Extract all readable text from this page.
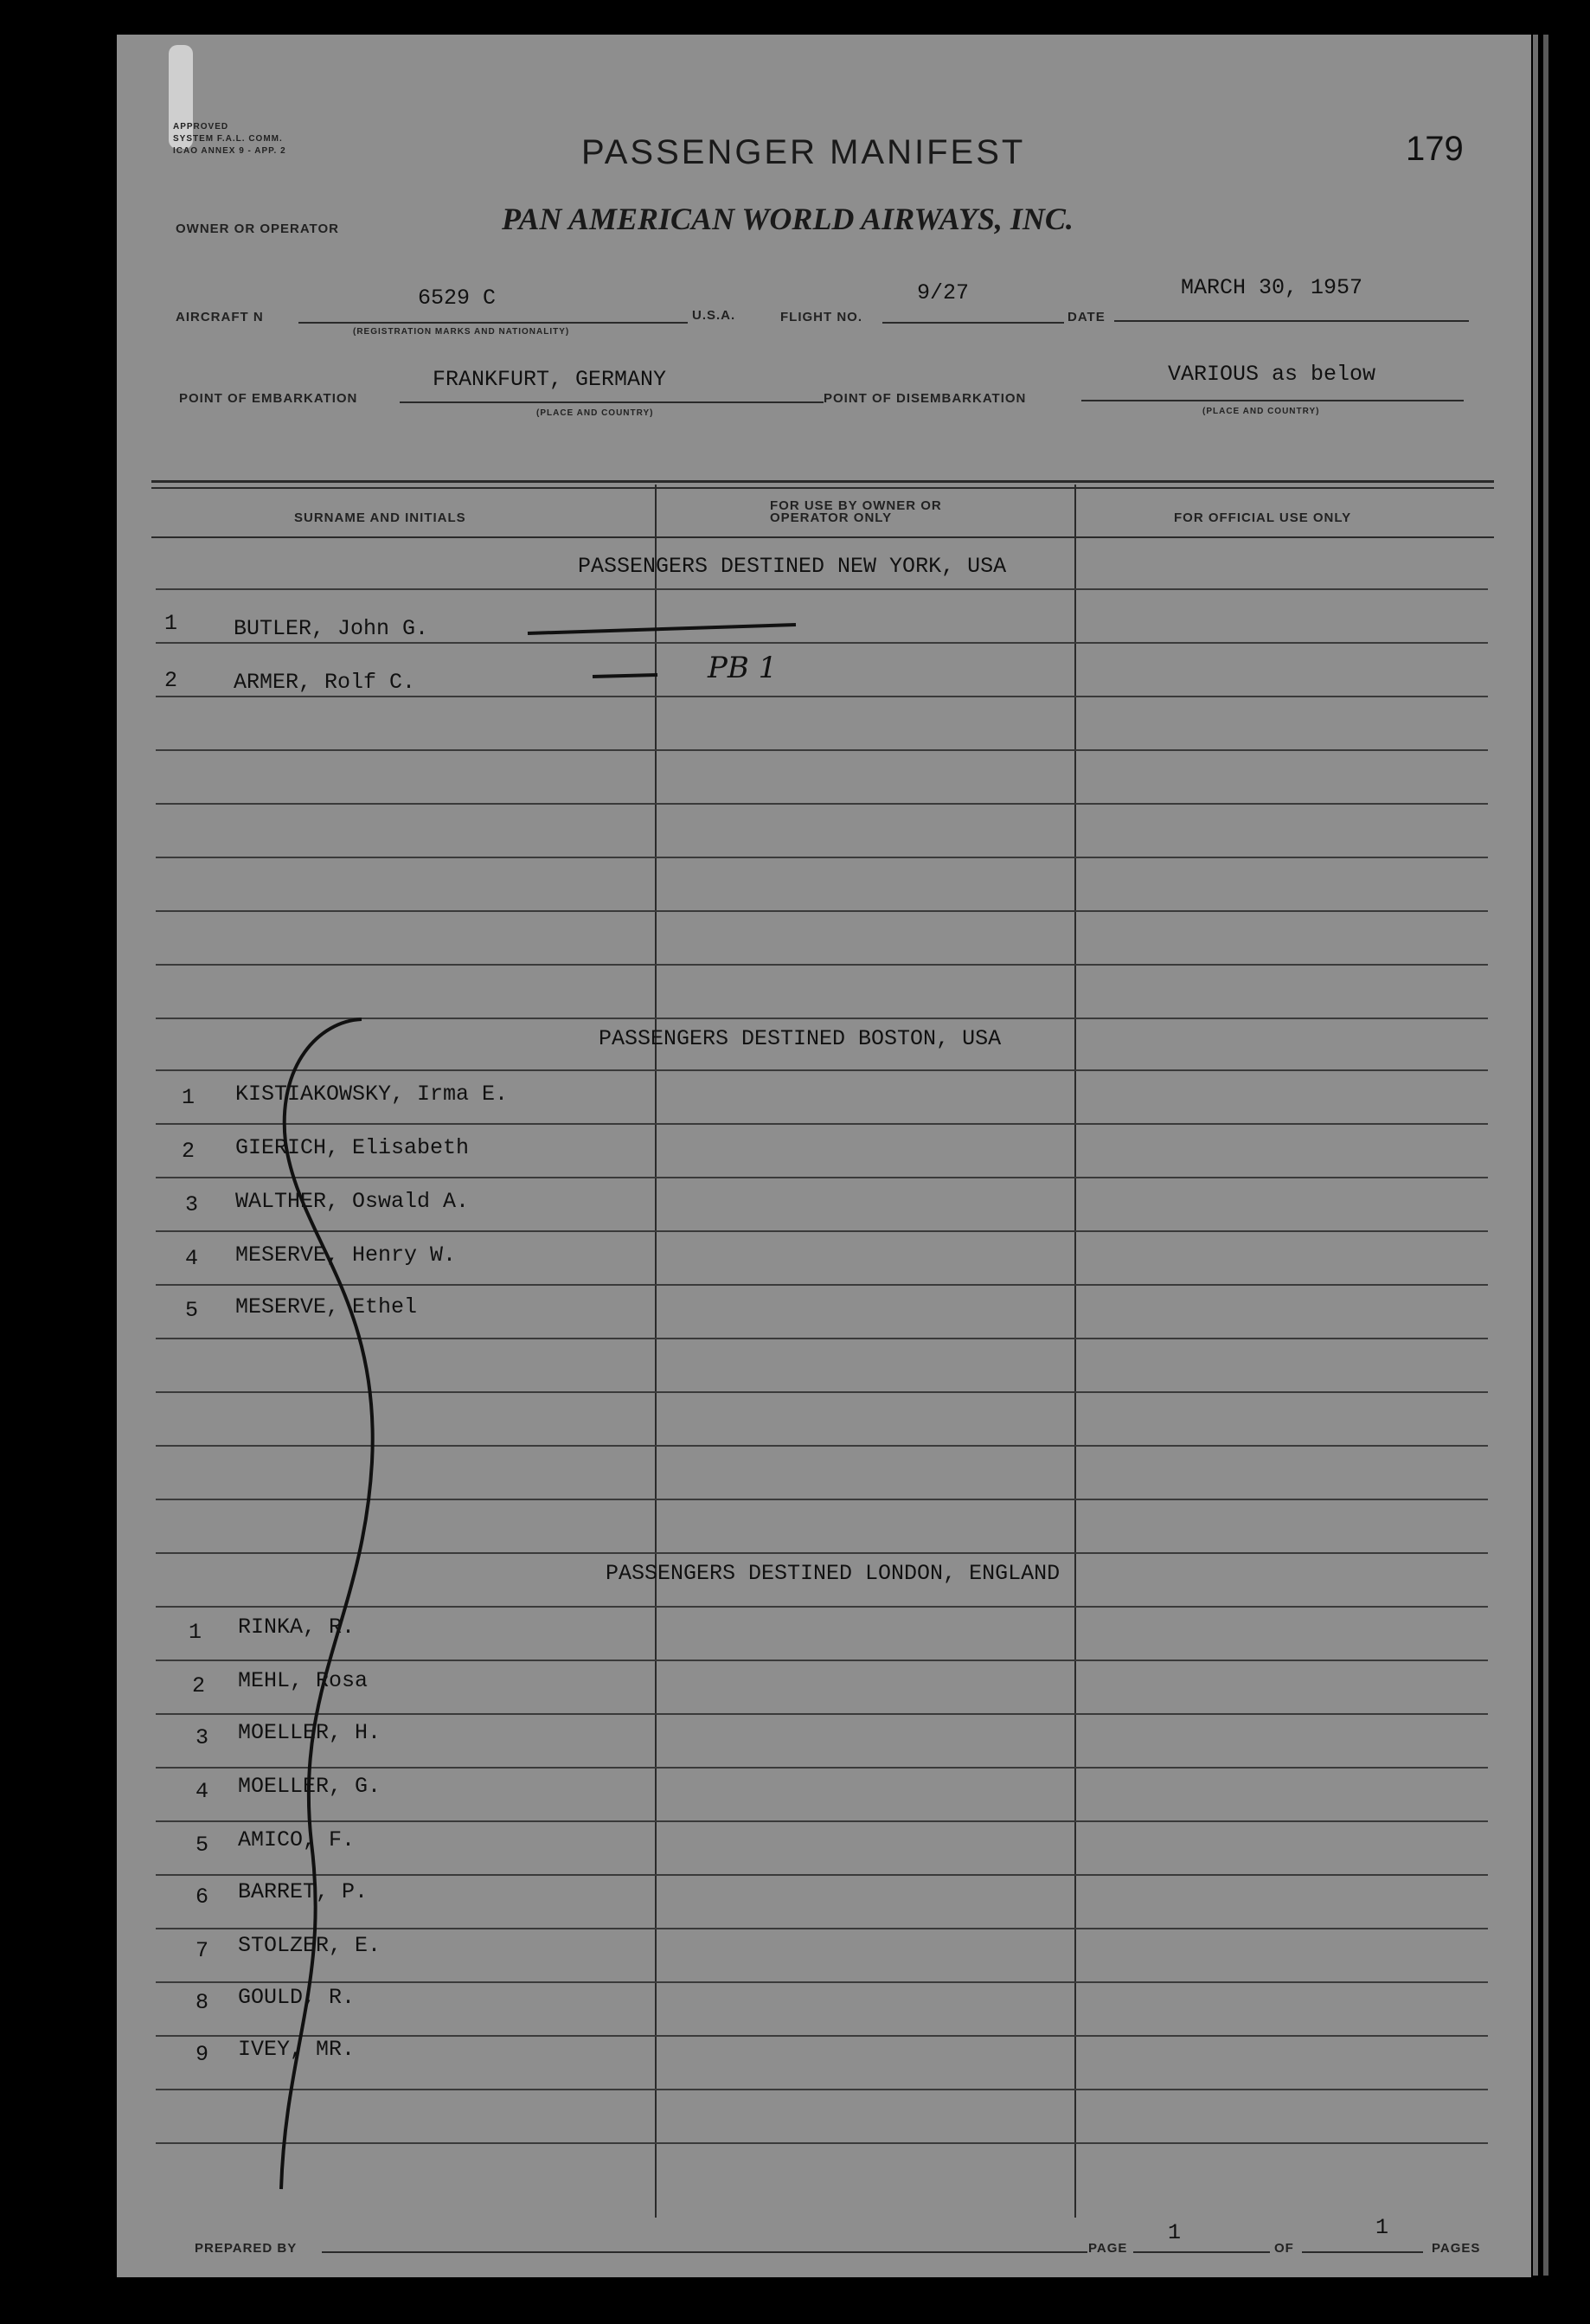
APPROVED
SYSTEM F.A.L. COMM.
ICAO ANNEX 9 - APP. 2	PASSENGER MANIFEST	179
OWNER OR OPERATOR	PAN AMERICAN WORLD AIRWAYS, INC.
AIRCRAFT N
6529 C
(REGISTRATION MARKS AND NATIONALITY)
U.S.A.	FLIGHT NO.
9/27
DATE
MARCH 30, 1957
POINT OF EMBARKATION
FRANKFURT, GERMANY
(PLACE AND COUNTRY)
POINT OF DISEMBARKATION
VARIOUS as below
(PLACE AND COUNTRY)
SURNAME AND INITIALS
FOR USE BY OWNER OR OPERATOR ONLY	FOR OFFICIAL USE ONLY
PASSENGERS DESTINED NEW YORK, USA
1	BUTLER, John G.
2	ARMER, Rolf C.	PB 1
PASSENGERS DESTINED BOSTON, USA
1 KISTIAKOWSKY, Irma E.
2 GIERICH, Elisabeth
3 WALTHER, Oswald A.
4 MESERVE, Henry W.
5 MESERVE, Ethel
PASSENGERS DESTINED LONDON, ENGLAND
1 RINKA, R.
2 MEHL, Rosa
3 MOELLER, H.
4 MOELLER, G.
5 AMICO, F.
6 BARRET, P.
7 STOLZER, E.
8 GOULD, R.
9 IVEY, MR.
PREPARED BY	PAGE
1
OF
1
PAGES
